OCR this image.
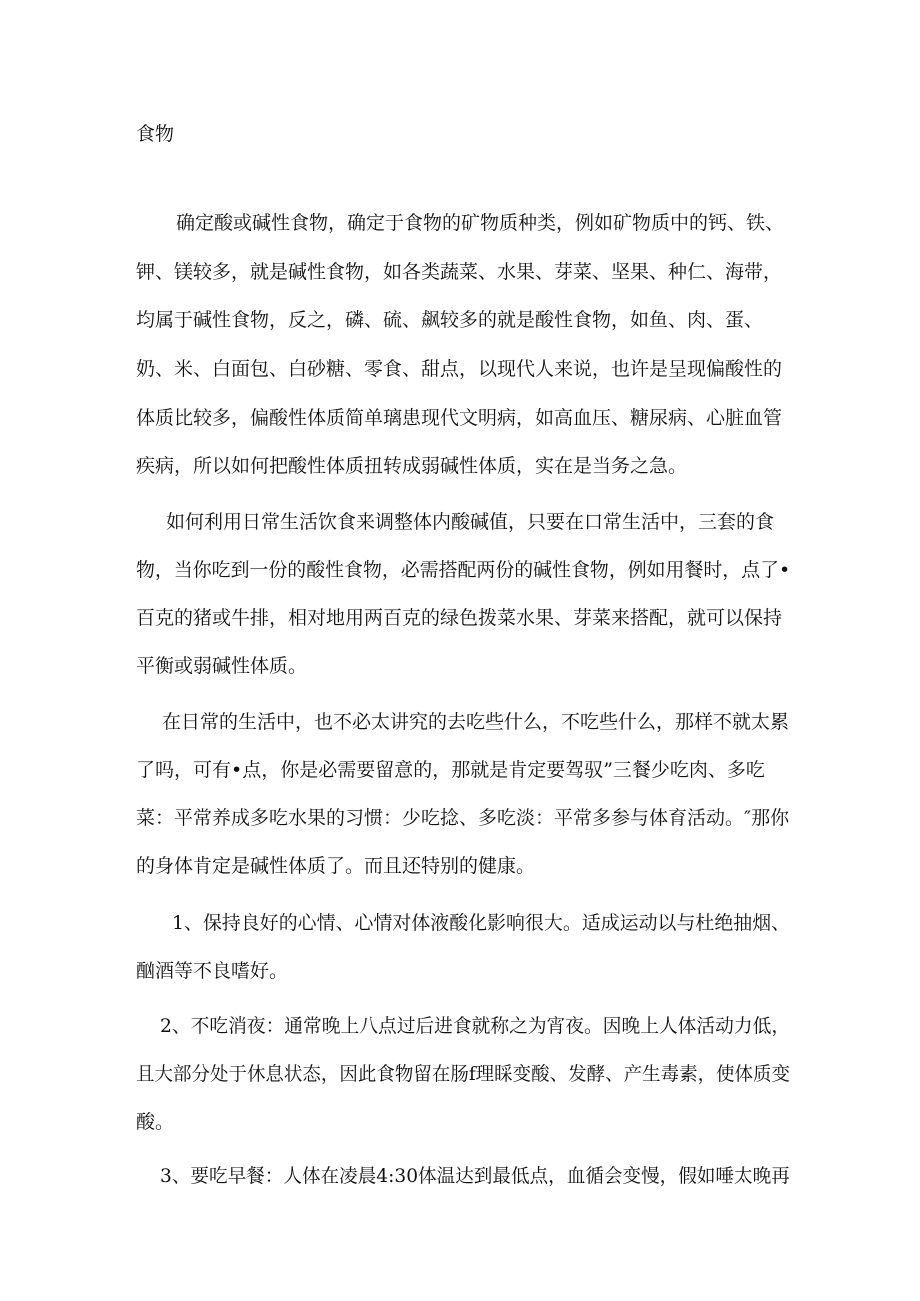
食物
确定酸或碱性食物，确定于食物的矿物质种类，例如矿物质中的钙、铁、
钾、镁较多，就是碱性食物，如各类蔬菜、水果、芽菜、坚果、种仁、海带，
均属于碱性食物，反之，磷、硫、飙较多的就是酸性食物，如鱼、肉、蛋、
奶、米、白面包、白砂糖、零食、甜点，以现代人来说，也许是呈现偏酸性的
体质比较多，偏酸性体质简单璃患现代文明病，如高血压、糖尿病、心脏血管
疾病，所以如何把酸性体质扭转成弱碱性体质，实在是当务之急。
如何利用日常生活饮食来调整体内酸碱值，只要在口常生活中，三套的食
物，当你吃到一份的酸性食物，必需搭配两份的碱性食物，例如用餐时，点了•
百克的猪或牛排，相对地用两百克的绿色拨菜水果、芽菜来搭配，就可以保持
平衡或弱碱性体质。
在日常的生活中，也不必太讲究的去吃些什么，不吃些什么，那样不就太累
了吗，可有•点，你是必需要留意的，那就是肯定要驾驭”三餐少吃肉、多吃
菜：平常养成多吃水果的习惯：少吃捻、多吃淡：平常多参与体育活动。″那你
的身体肯定是碱性体质了。而且还特别的健康。
1、保持良好的心情、心情对体液酸化影响很大。适成运动以与杜绝抽烟、
酗酒等不良嗜好。
2、不吃消夜：通常晚上八点过后进食就称之为宵夜。因晚上人体活动力低，
且大部分处于休息状态，因此食物留在肠f理睬变酸、发酵、产生毒素，使体质变
酸。
3、要吃早餐：人体在凌晨4:30体温达到最低点，血循会变慢，假如唾太晚再
